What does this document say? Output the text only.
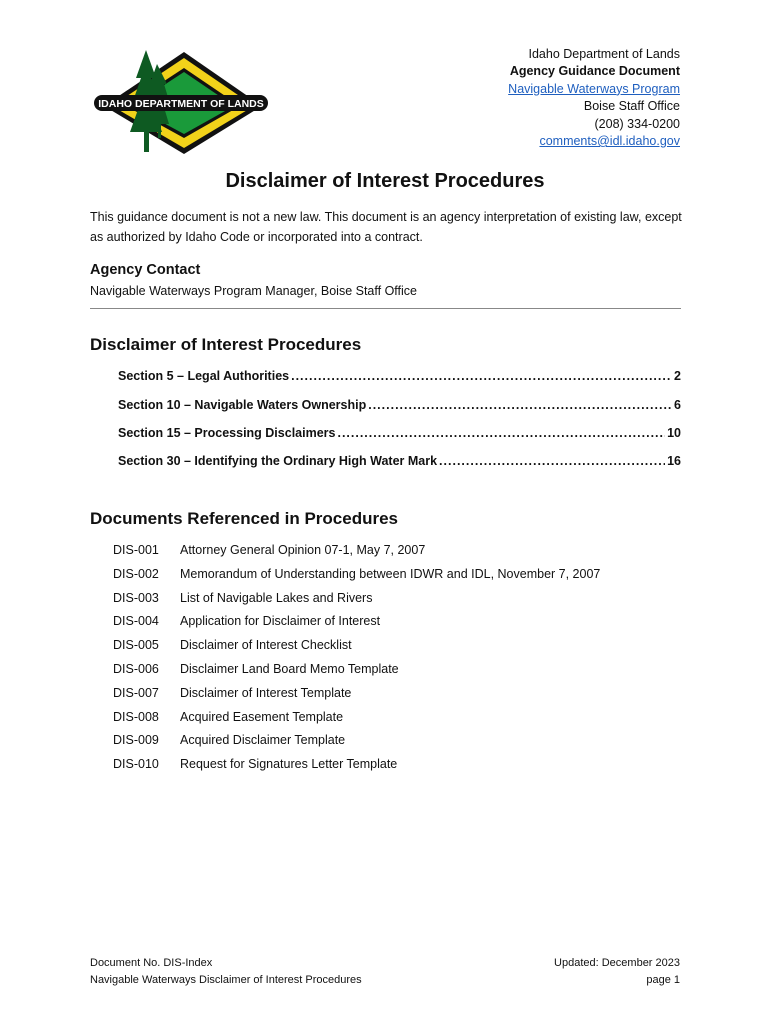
IDAHO DEPARTMENT OF LANDS
Idaho Department of Lands
Agency Guidance Document
Navigable Waterways Program
Boise Staff Office
(208) 334-0200
comments@idl.idaho.gov
Disclaimer of Interest Procedures

This guidance document is not a new law. This document is an agency interpretation of existing law, except as authorized by Idaho Code or incorporated into a contract.

Agency Contact

Navigable Waterways Program Manager, Boise Staff Office

Disclaimer of Interest Procedures
Section 5 – Legal Authorities .....	2
Section 10 – Navigable Waters Ownership .....	6
Section 15 – Processing Disclaimers .....	10
Section 30 – Identifying the Ordinary High Water Mark .....	16
Documents Referenced in Procedures
DIS-001 Attorney General Opinion 07-1, May 7, 2007
DIS-002 Memorandum of Understanding between IDWR and IDL, November 7, 2007
DIS-003 List of Navigable Lakes and Rivers
DIS-004 Application for Disclaimer of Interest
DIS-005 Disclaimer of Interest Checklist
DIS-006 Disclaimer Land Board Memo Template
DIS-007 Disclaimer of Interest Template
DIS-008 Acquired Easement Template
DIS-009 Acquired Disclaimer Template
DIS-010 Request for Signatures Letter Template
Document No. DIS-Index
Navigable Waterways Disclaimer of Interest Procedures
Updated: December 2023
page 1
